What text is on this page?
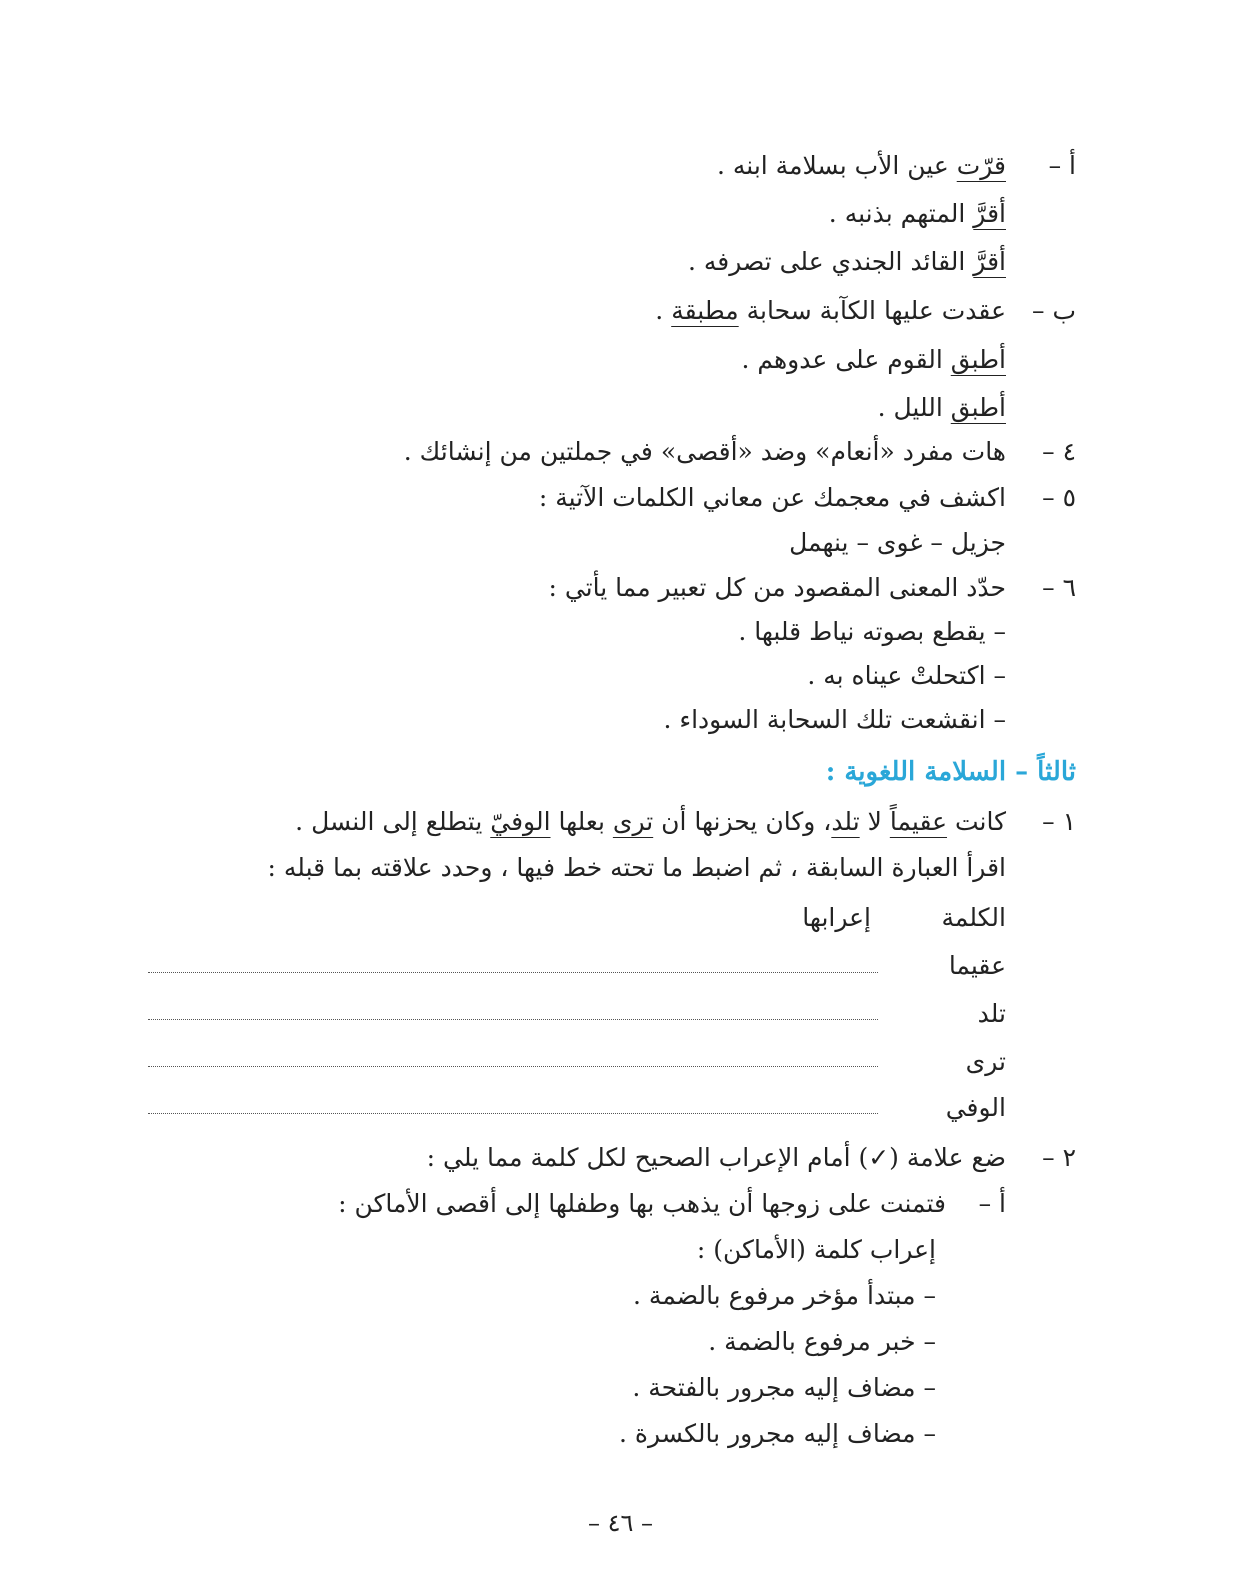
أ –
قرّت عين الأب بسلامة ابنه .
أقرَّ المتهم بذنبه .
أقرَّ القائد الجندي على تصرفه .
ب –
عقدت عليها الكآبة سحابة مطبقة .
أطبق القوم على عدوهم .
أطبق الليل .
٤ –
هات مفرد «أنعام» وضد «أقصى» في جملتين من إنشائك .
٥ –
اكشف في معجمك عن معاني الكلمات الآتية :
جزيل – غوى – ينهمل
٦ –
حدّد المعنى المقصود من كل تعبير مما يأتي :
– يقطع بصوته نياط قلبها .
– اكتحلتْ عيناه به .
– انقشعت تلك السحابة السوداء .
ثالثاً – السلامة اللغوية :
١ –
كانت عقيماً لا تلد، وكان يحزنها أن ترى بعلها الوفيّ يتطلع إلى النسل .
اقرأ العبارة السابقة ، ثم اضبط ما تحته خط فيها ، وحدد علاقته بما قبله :
الكلمة
إعرابها
عقيما
تلد
ترى
الوفي
٢ –
ضع علامة (✓) أمام الإعراب الصحيح لكل كلمة مما يلي :
أ –
فتمنت على زوجها أن يذهب بها وطفلها إلى أقصى الأماكن :
إعراب كلمة (الأماكن) :
– مبتدأ مؤخر مرفوع بالضمة .
– خبر مرفوع بالضمة .
– مضاف إليه مجرور بالفتحة .
– مضاف إليه مجرور بالكسرة .
– ٤٦ –
